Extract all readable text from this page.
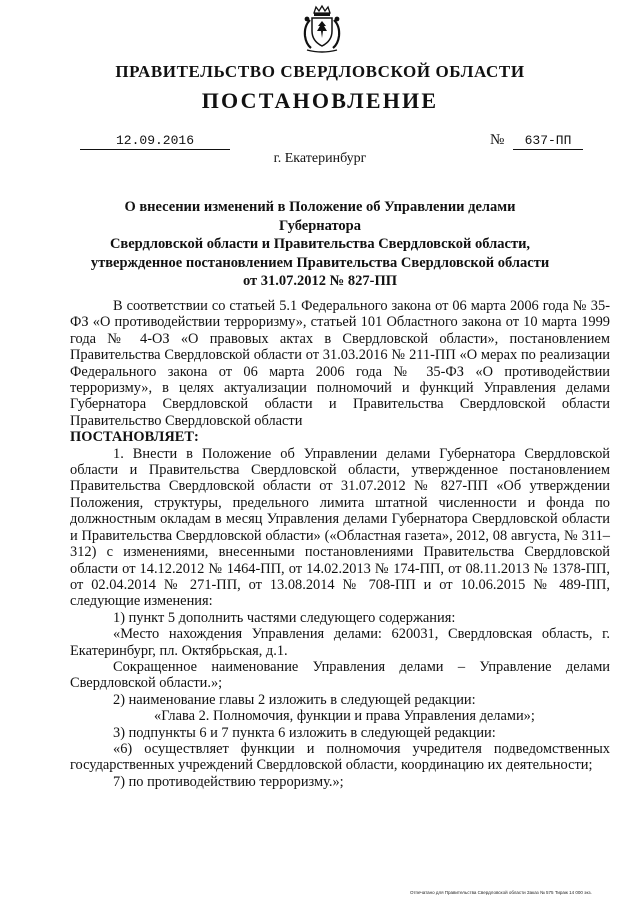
ПРАВИТЕЛЬСТВО СВЕРДЛОВСКОЙ ОБЛАСТИ
ПОСТАНОВЛЕНИЕ
12.09.2016	№	637-ПП
г. Екатеринбург
О внесении изменений в Положение об Управлении делами Губернатора
Свердловской области и Правительства Свердловской области,
утвержденное постановлением Правительства Свердловской области
от 31.07.2012 № 827-ПП

В соответствии со статьей 5.1 Федерального закона от 06 марта 2006 года № 35-ФЗ «О противодействии терроризму», статьей 101 Областного закона от 10 марта 1999 года № 4-ОЗ «О правовых актах в Свердловской области», постановлением Правительства Свердловской области от 31.03.2016 № 211-ПП «О мерах по реализации Федерального закона от 06 марта 2006 года № 35-ФЗ «О противодействии терроризму», в целях актуализации полномочий и функций Управления делами Губернатора Свердловской области и Правительства Свердловской области Правительство Свердловской области

ПОСТАНОВЛЯЕТ:

1. Внести в Положение об Управлении делами Губернатора Свердловской области и Правительства Свердловской области, утвержденное постановлением Правительства Свердловской области от 31.07.2012 № 827-ПП «Об утверждении Положения, структуры, предельного лимита штатной численности и фонда по должностным окладам в месяц Управления делами Губернатора Свердловской области и Правительства Свердловской области» («Областная газета», 2012, 08 августа, № 311–312) с изменениями, внесенными постановлениями Правительства Свердловской области от 14.12.2012 № 1464-ПП, от 14.02.2013 № 174-ПП, от 08.11.2013 № 1378-ПП, от 02.04.2014 № 271-ПП, от 13.08.2014 № 708-ПП и от 10.06.2015 № 489-ПП, следующие изменения:

1) пункт 5 дополнить частями следующего содержания:

«Место нахождения Управления делами: 620031, Свердловская область, г. Екатеринбург, пл. Октябрьская, д.1.

Сокращенное наименование Управления делами – Управление делами Свердловской области.»;

2) наименование главы 2 изложить в следующей редакции:

«Глава 2. Полномочия, функции и права Управления делами»;

3) подпункты 6 и 7 пункта 6 изложить в следующей редакции:

«6) осуществляет функции и полномочия учредителя подведомственных государственных учреждений Свердловской области, координацию их деятельности;

7) по противодействию терроризму.»;

Отпечатано для Правительства Свердловской области Заказ № 575 Тираж 14 000 экз.
